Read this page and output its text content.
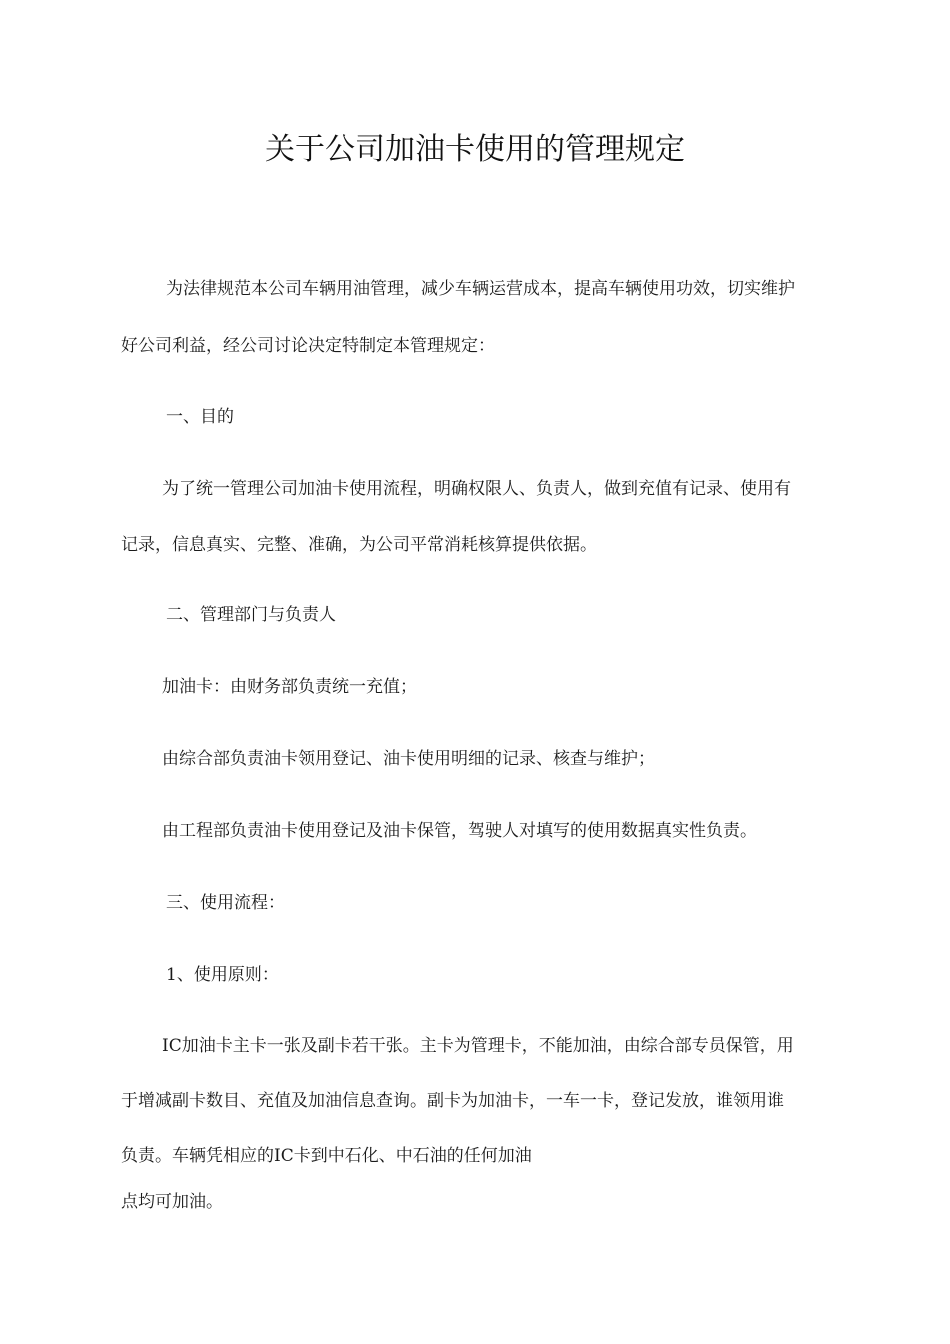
关于公司加油卡使用的管理规定
为法律规范本公司车辆用油管理，减少车辆运营成本，提高车辆使用功效，切实维护
好公司利益，经公司讨论决定特制定本管理规定：
一、目的
为了统一管理公司加油卡使用流程，明确权限人、负责人，做到充值有记录、使用有
记录，信息真实、完整、准确，为公司平常消耗核算提供依据。
二、管理部门与负责人
加油卡：由财务部负责统一充值；
由综合部负责油卡领用登记、油卡使用明细的记录、核查与维护；
由工程部负责油卡使用登记及油卡保管，驾驶人对填写的使用数据真实性负责。
三、使用流程：
1、使用原则：
IC加油卡主卡一张及副卡若干张。主卡为管理卡，不能加油，由综合部专员保管，用
于增减副卡数目、充值及加油信息查询。副卡为加油卡，一车一卡，登记发放，谁领用谁
负责。车辆凭相应的IC卡到中石化、中石油的任何加油
点均可加油。
